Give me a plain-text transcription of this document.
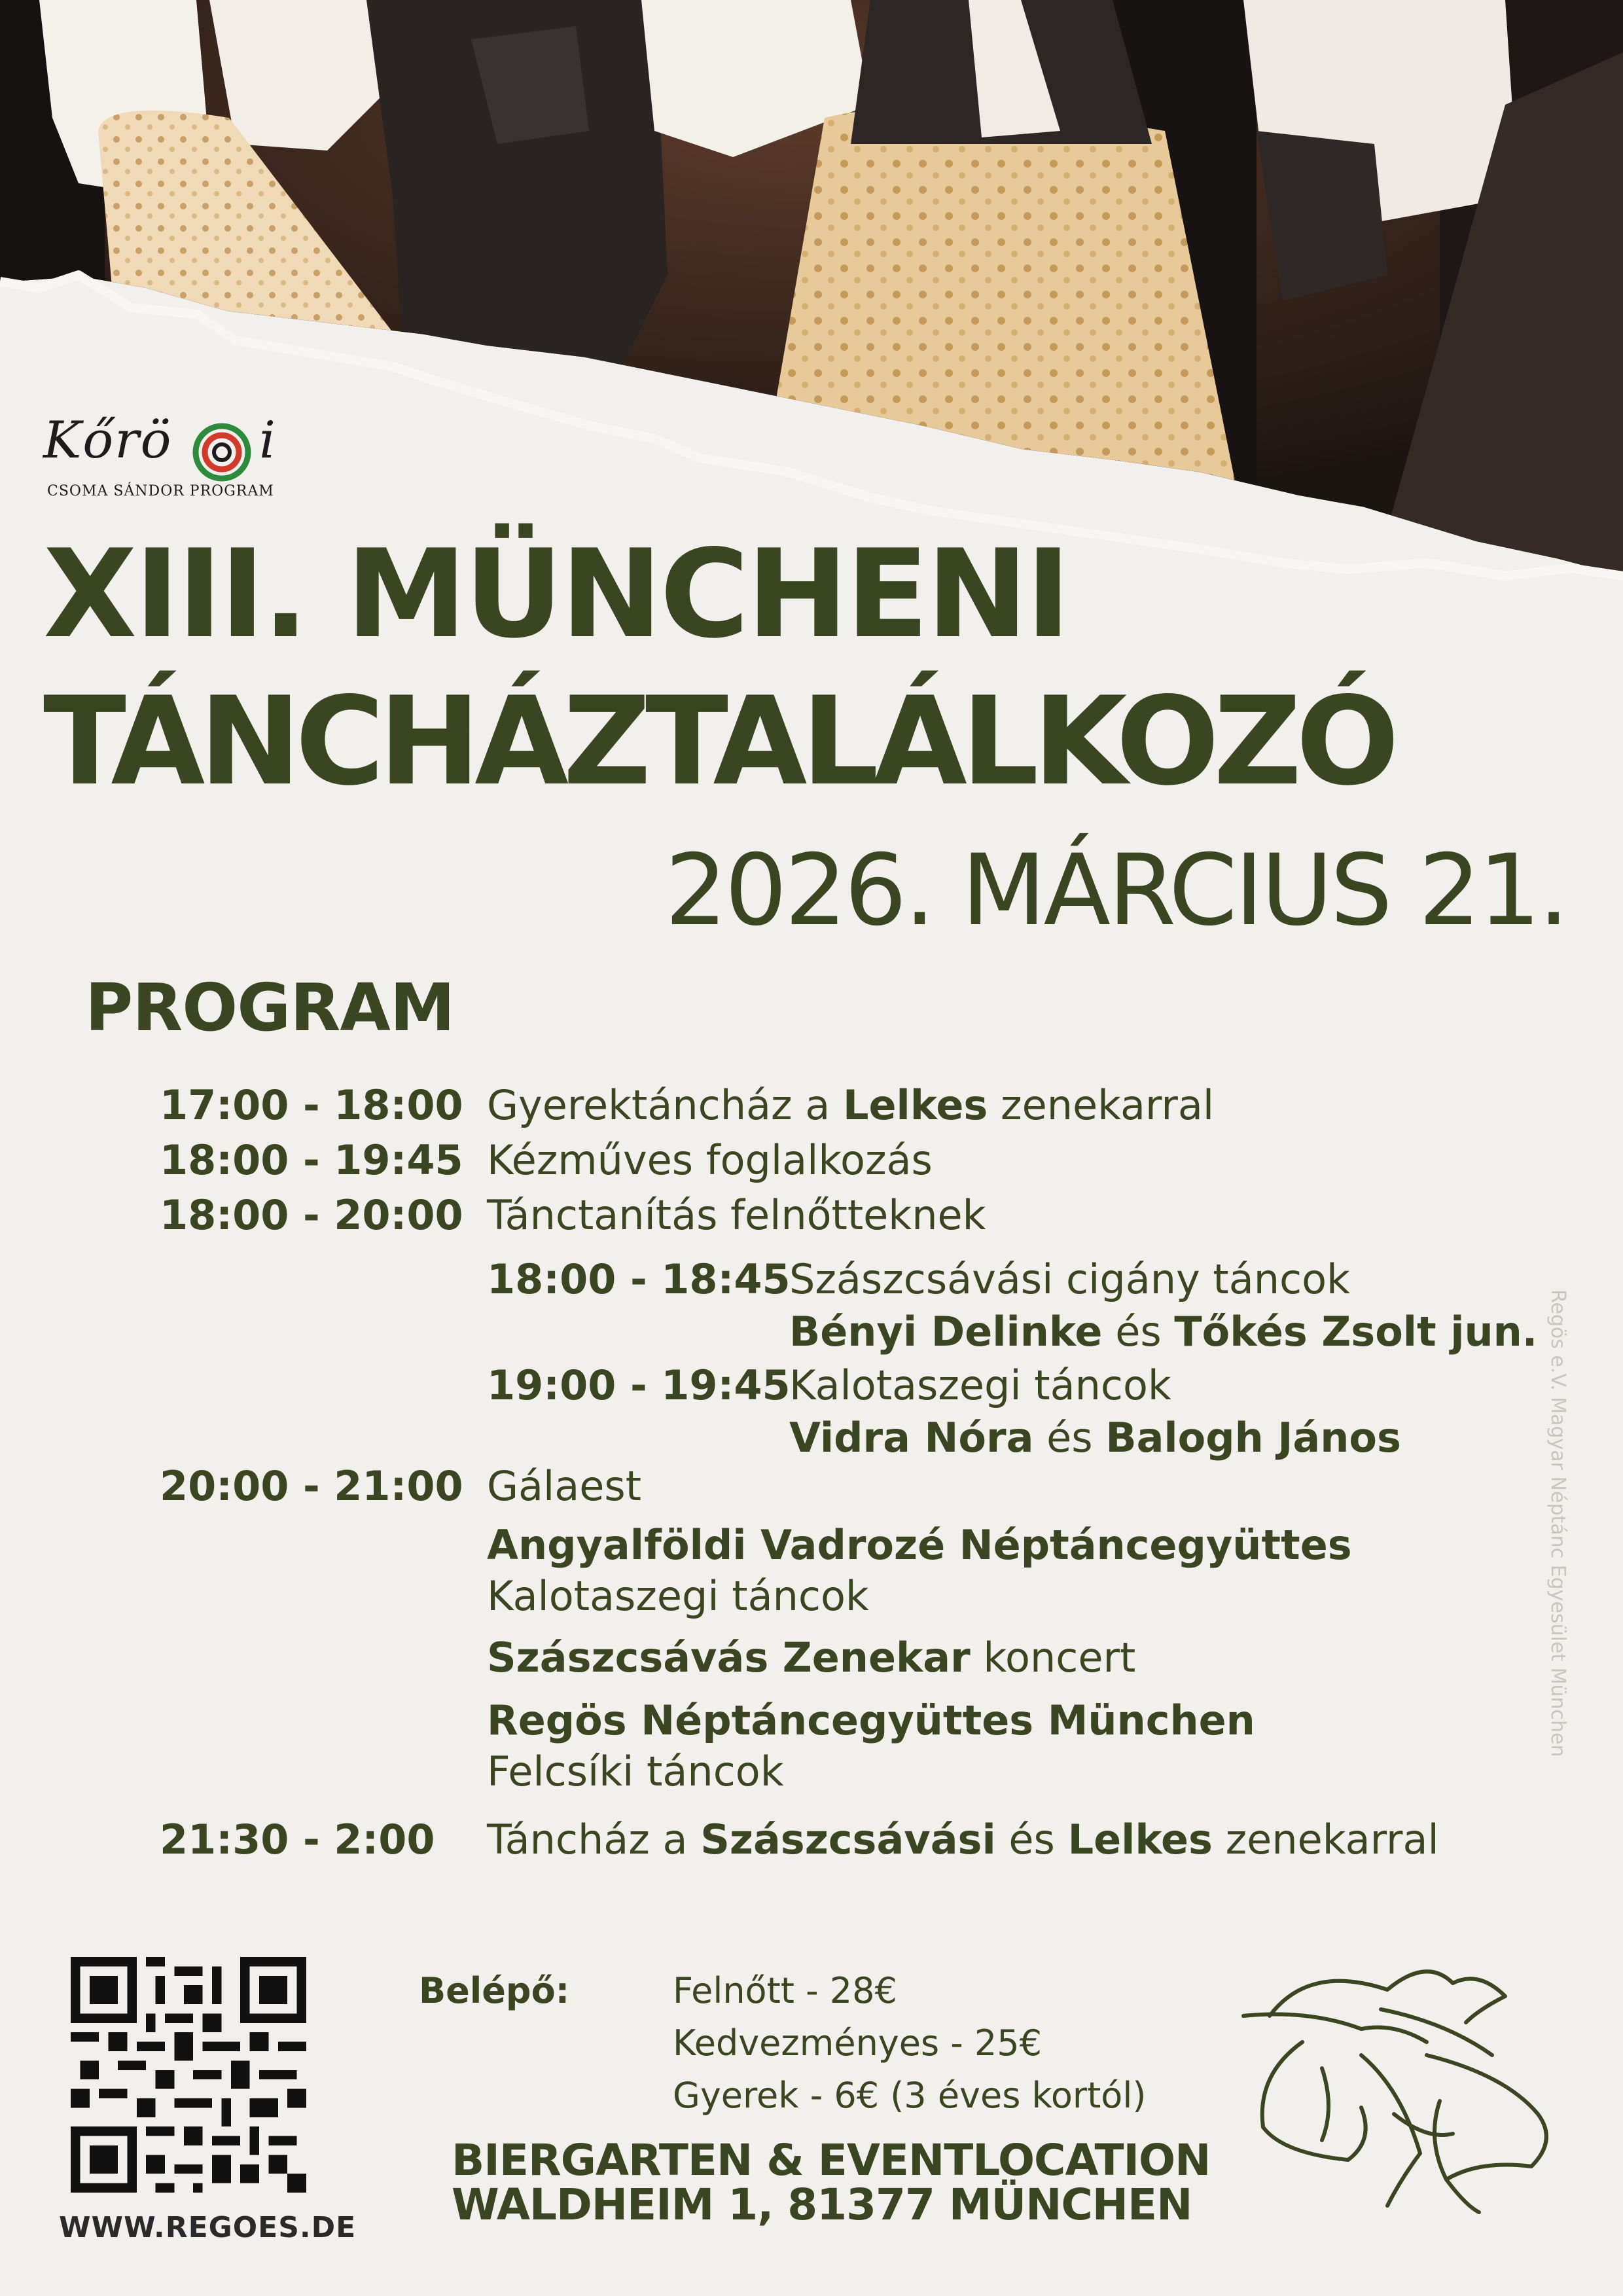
Kőrö i
CSOMA SÁNDOR PROGRAM
XIII. MÜNCHENI
TÁNCHÁZTALÁLKOZÓ
2026. MÁRCIUS 21.
PROGRAM
17:00 - 18:00 Gyerektáncház a Lelkes zenekarral
18:00 - 19:45 Kézműves foglalkozás
18:00 - 20:00 Tánctanítás felnőtteknek
18:00 - 18:45
Szászcsávási cigány táncok
Bényi Delinke és Tőkés Zsolt jun.
19:00 - 19:45
Kalotaszegi táncok
Vidra Nóra és Balogh János
20:00 - 21:00 Gálaest
Angyalföldi Vadrozé Néptáncegyüttes
Kalotaszegi táncok
Szászcsávás Zenekar koncert
Regös Néptáncegyüttes München
Felcsíki táncok
21:30 - 2:00 Táncház a Szászcsávási és Lelkes zenekarral
WWW.REGOES.DE
Belépő:	Felnőtt - 28€
Kedvezményes - 25€
Gyerek - 6€ (3 éves kortól)
BIERGARTEN & EVENTLOCATION
WALDHEIM 1, 81377 MÜNCHEN
Regös e.V. Magyar Néptánc Egyesület München
